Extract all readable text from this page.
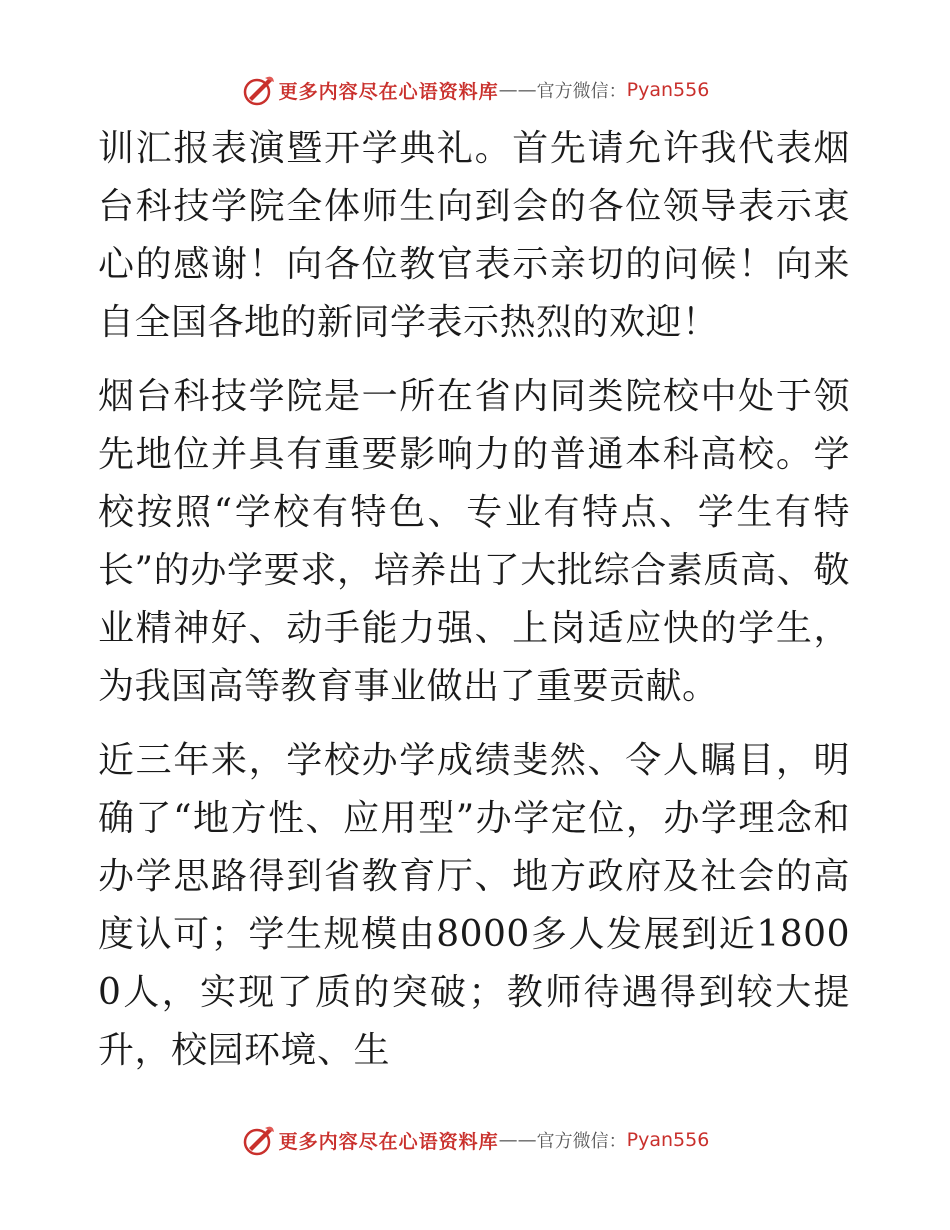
更多内容尽在心语资料库 —— 官方微信： Pyan556

训汇报表演暨开学典礼。首先请允许我代表烟台科技学院全体师生向到会的各位领导表示衷心的感谢！向各位教官表示亲切的问候！向来自全国各地的新同学表示热烈的欢迎！

烟台科技学院是一所在省内同类院校中处于领先地位并具有重要影响力的普通本科高校。学校按照“学校有特色、专业有特点、学生有特长”的办学要求，培养出了大批综合素质高、敬业精神好、动手能力强、上岗适应快的学生，为我国高等教育事业做出了重要贡献。

近三年来，学校办学成绩斐然、令人瞩目，明确了“地方性、应用型”办学定位，办学理念和办学思路得到省教育厅、地方政府及社会的高度认可；学生规模由8000多人发展到近18000人，实现了质的突破；教师待遇得到较大提升，校园环境、生

更多内容尽在心语资料库 —— 官方微信： Pyan556
